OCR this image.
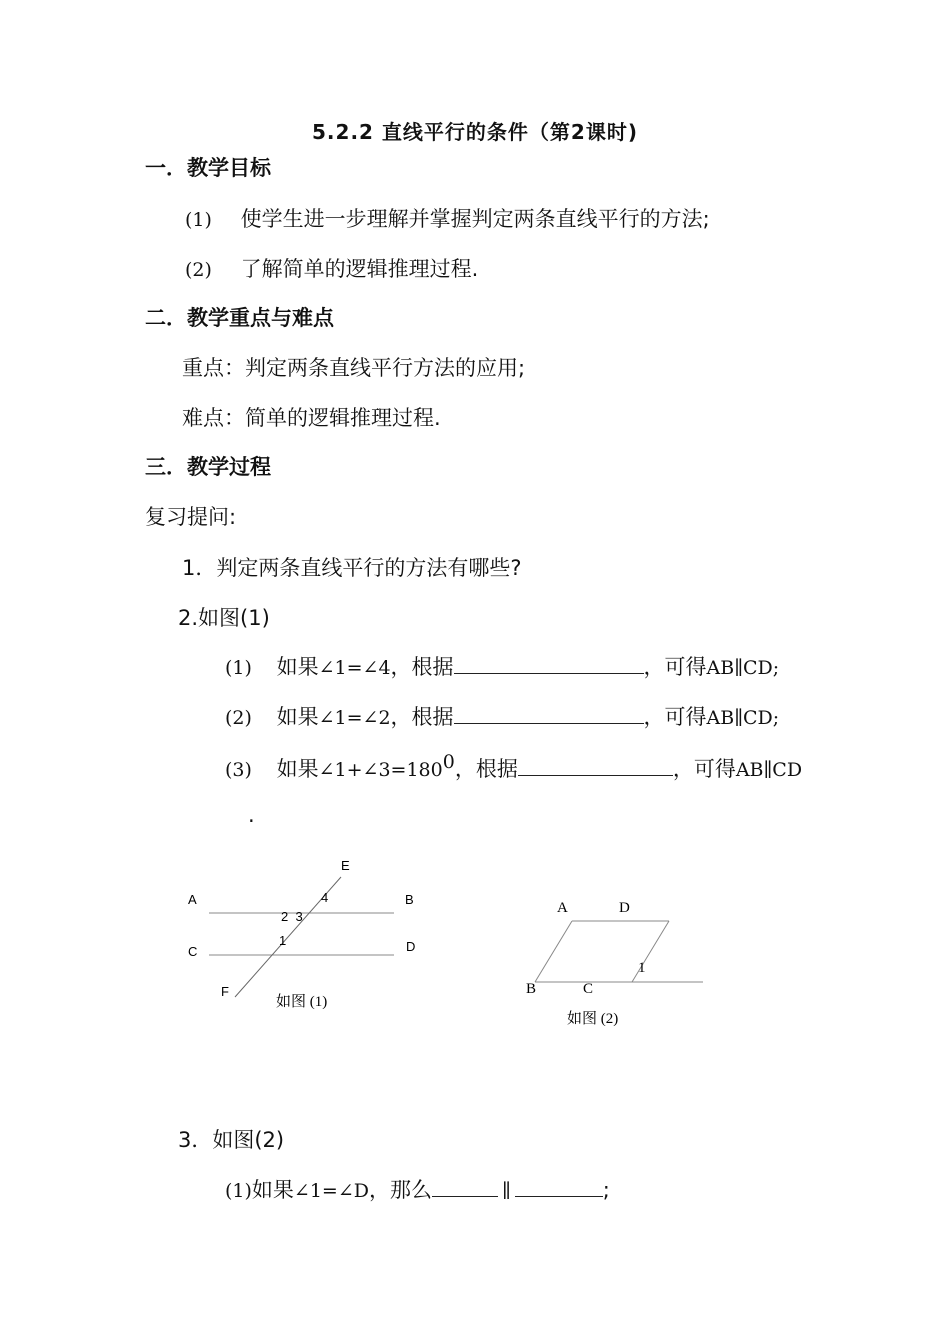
5.2.2 直线平行的条件（第2课时)
一．教学目标
(1) 使学生进一步理解并掌握判定两条直线平行的方法;
(2) 了解简单的逻辑推理过程.
二．教学重点与难点
重点：判定两条直线平行方法的应用;
难点：简单的逻辑推理过程.
三．教学过程
复习提问:
1．判定两条直线平行的方法有哪些?
2.如图(1)
(1) 如果∠1=∠4，根据	，可得AB∥CD;
(2) 如果∠1=∠2，根据	，可得AB∥CD;
(3) 如果$\angle 1+\angle 3=180^0$，根据	，可得AB∥CD
.
A	B
C	D
E
F
4
2  3
1
如图 (1)
A	D
B	C
1
如图 (2)
3．如图(2)
(1)如果∠1=∠D，那么	∥	;
